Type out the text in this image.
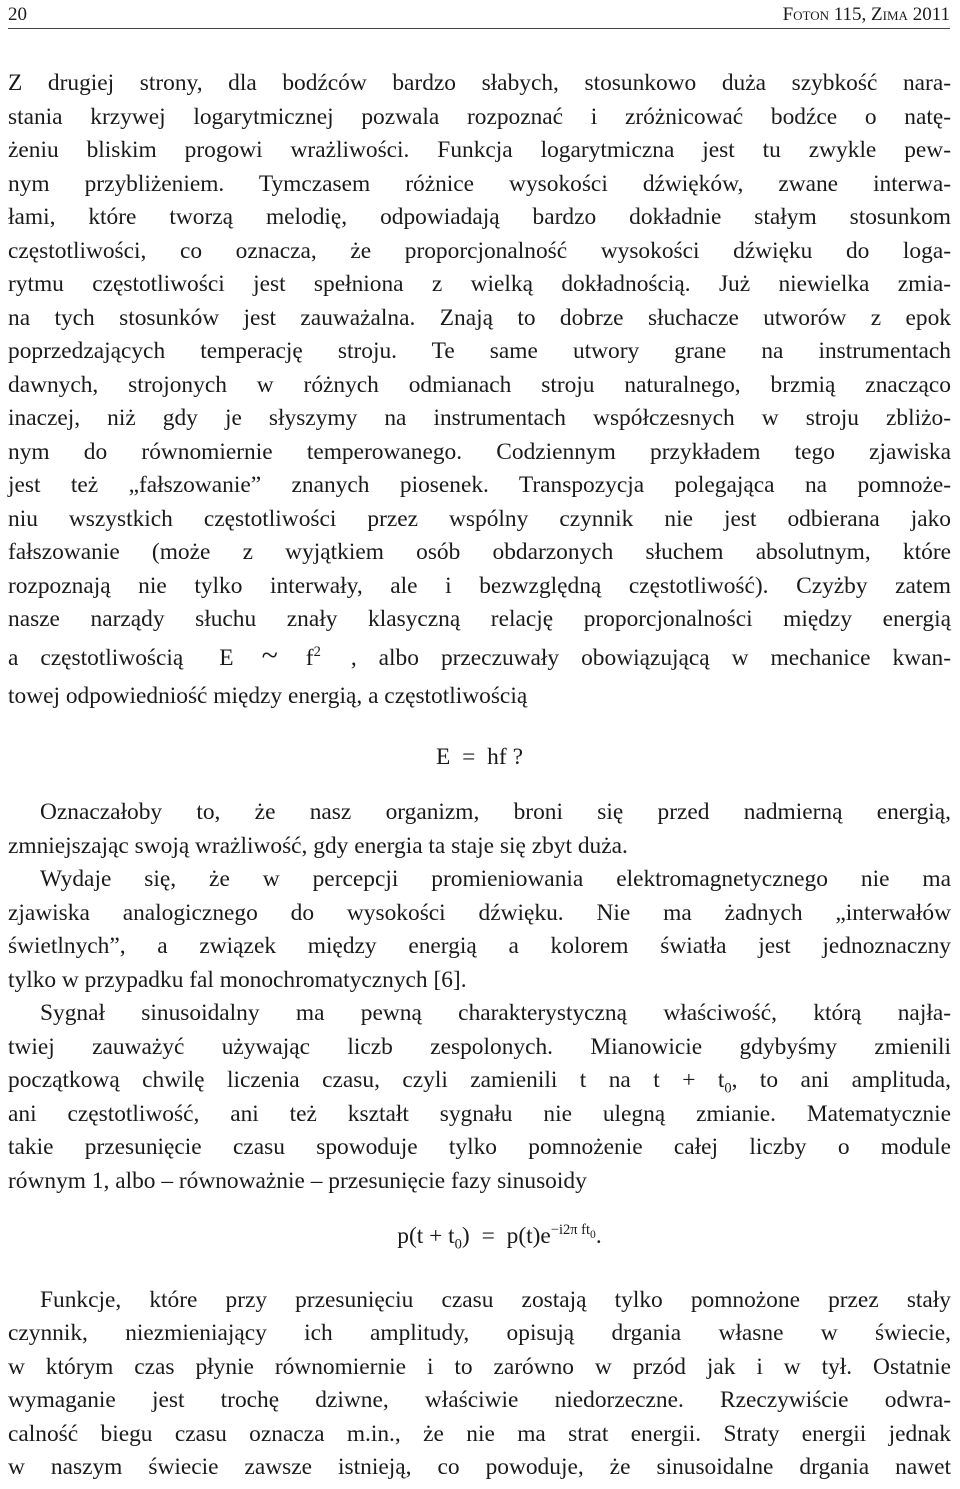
20	Foton 115, Zima 2011

Z drugiej strony, dla bodźców bardzo słabych, stosunkowo duża szybkość nara-

stania krzywej logarytmicznej pozwala rozpoznać i zróżnicować bodźce o natę-

żeniu bliskim progowi wrażliwości. Funkcja logarytmiczna jest tu zwykle pew-

nym przybliżeniem. Tymczasem różnice wysokości dźwięków, zwane interwa-

łami, które tworzą melodię, odpowiadają bardzo dokładnie stałym stosunkom

częstotliwości, co oznacza, że proporcjonalność wysokości dźwięku do loga-

rytmu częstotliwości jest spełniona z wielką dokładnością. Już niewielka zmia-

na tych stosunków jest zauważalna. Znają to dobrze słuchacze utworów z epok

poprzedzających temperację stroju. Te same utwory grane na instrumentach

dawnych, strojonych w różnych odmianach stroju naturalnego, brzmią znacząco

inaczej, niż gdy je słyszymy na instrumentach współczesnych w stroju zbliżo-

nym do równomiernie temperowanego. Codziennym przykładem tego zjawiska

jest też „fałszowanie” znanych piosenek. Transpozycja polegająca na pomnoże-

niu wszystkich częstotliwości przez wspólny czynnik nie jest odbierana jako

fałszowanie (może z wyjątkiem osób obdarzonych słuchem absolutnym, które

rozpoznają nie tylko interwały, ale i bezwzględną częstotliwość). Czyżby zatem

nasze narządy słuchu znały klasyczną relację proporcjonalności między energią

a częstotliwością E ~ $f^2$ , albo przeczuwały obowiązującą w mechanice kwan-

towej odpowiedniość między energią, a częstotliwością

E = hf ?

Oznaczałoby to, że nasz organizm, broni się przed nadmierną energią,

zmniejszając swoją wrażliwość, gdy energia ta staje się zbyt duża.

Wydaje się, że w percepcji promieniowania elektromagnetycznego nie ma

zjawiska analogicznego do wysokości dźwięku. Nie ma żadnych „interwałów

świetlnych”, a związek między energią a kolorem światła jest jednoznaczny

tylko w przypadku fal monochromatycznych [6].

Sygnał sinusoidalny ma pewną charakterystyczną właściwość, którą najła-

twiej zauważyć używając liczb zespolonych. Mianowicie gdybyśmy zmienili

początkową chwilę liczenia czasu, czyli zamienili t na $t + t_0$, to ani amplituda,

ani częstotliwość, ani też kształt sygnału nie ulegną zmianie. Matematycznie

takie przesunięcie czasu spowoduje tylko pomnożenie całej liczby o module

równym 1, albo – równoważnie – przesunięcie fazy sinusoidy

$p(t + t_0) = p(t)e^{-i2\pi ft_0}$.

Funkcje, które przy przesunięciu czasu zostają tylko pomnożone przez stały

czynnik, niezmieniający ich amplitudy, opisują drgania własne w świecie,

w którym czas płynie równomiernie i to zarówno w przód jak i w tył. Ostatnie

wymaganie jest trochę dziwne, właściwie niedorzeczne. Rzeczywiście odwra-

calność biegu czasu oznacza m.in., że nie ma strat energii. Straty energii jednak

w naszym świecie zawsze istnieją, co powoduje, że sinusoidalne drgania nawet
